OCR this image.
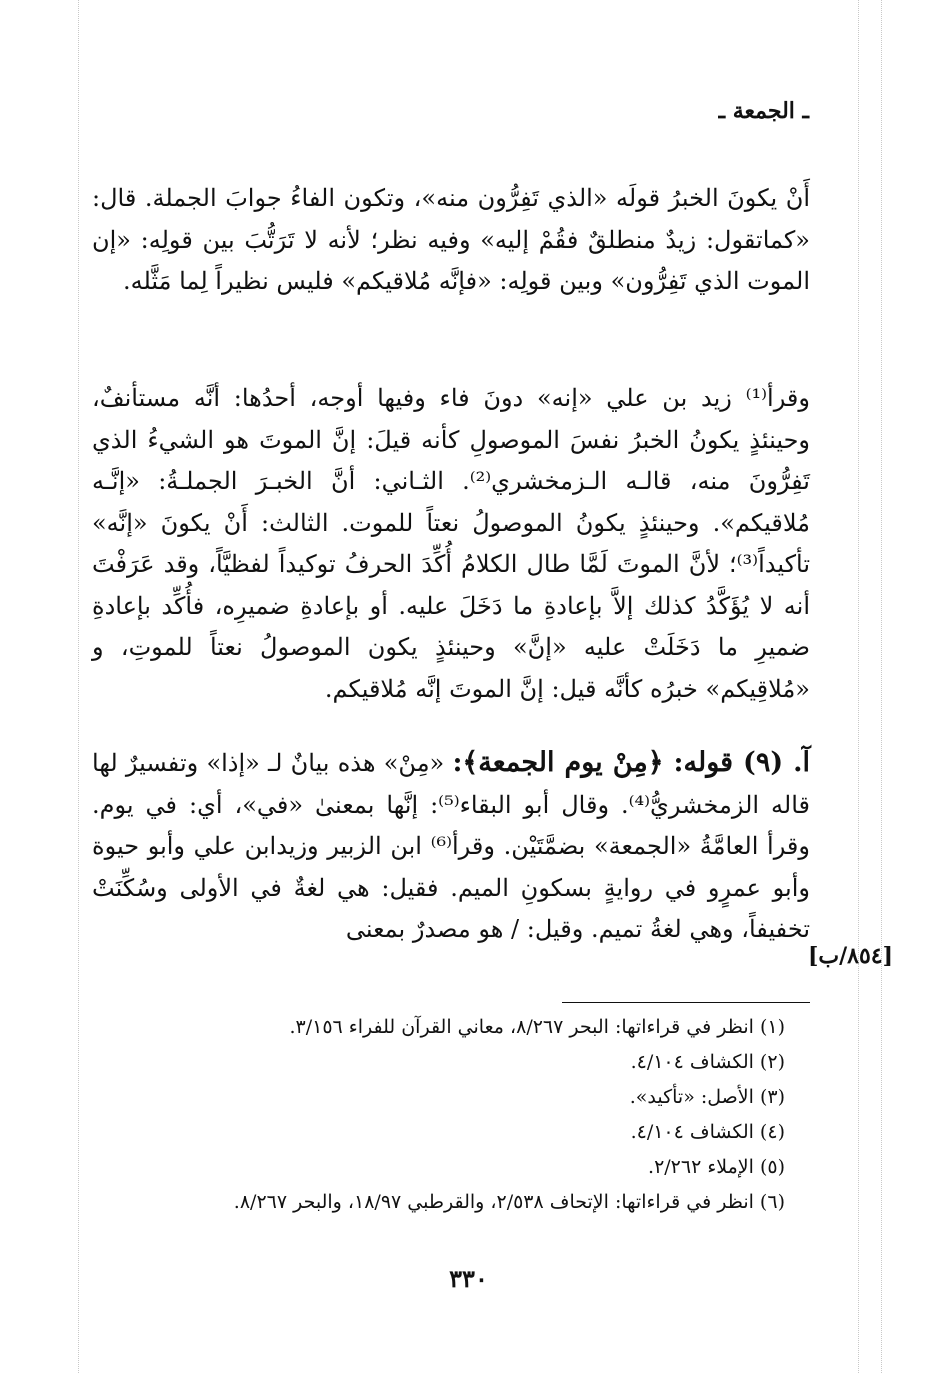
ـ الجمعة ـ

أَنْ يكونَ الخبرُ قولَه «الذي تَفِرُّون منه»، وتكون الفاءُ جوابَ الجملة. قال: «كماتقول: زيدٌ منطلقٌ فقُمْ إليه» وفيه نظر؛ لأنه لا تَرَتُّبَ بين قولِه: «إن الموت الذي تَفِرُّون» وبين قولِه: «فإنَّه مُلاقيكم» فليس نظيراً لِما مَثَّله.

وقرأ⁽¹⁾ زيد بن علي «إنه» دونَ فاء وفيها أوجه، أحدُها: أنَّه مستأنفٌ، وحينئذٍ يكونُ الخبرُ نفسَ الموصولِ كأنه قيلَ: إنَّ الموتَ هو الشيءُ الذي تَفِرُّونَ منه، قالـه الـزمخشري⁽²⁾. الثـاني: أنَّ الخبـرَ الجملـةُ: «إنَّـه مُلاقيكم». وحينئذٍ يكونُ الموصولُ نعتاً للموت. الثالث: أَنْ يكونَ «إنَّه» تأكيداً⁽³⁾؛ لأنَّ الموتَ لَمَّا طال الكلامُ أُكِّدَ الحرفُ توكيداً لفظيَّاً، وقد عَرَفْتَ أنه لا يُؤَكَّدُ كذلك إلاَّ بإعادةِ ما دَخَلَ عليه. أو بإعادةِ ضميرِه، فأُكِّد بإعادةِ ضميرِ ما دَخَلَتْ عليه «إنَّ» وحينئذٍ يكون الموصولُ نعتاً للموتِ، و «مُلاقِيكم» خبرُه كأنَّه قيل: إنَّ الموتَ إنَّه مُلاقيكم.

آ. (٩) قوله: ﴿مِنْ يوم الجمعة﴾: «مِنْ» هذه بيانٌ لـ «إذا» وتفسيرٌ لها قاله الزمخشريُّ⁽⁴⁾. وقال أبو البقاء⁽⁵⁾: إنَّها بمعنىٰ «في»، أي: في يوم. وقرأ العامَّةُ «الجمعة» بضمَّتَيْن. وقرأ⁽⁶⁾ ابن الزبير وزيدابن علي وأبو حيوة وأبو عمرٍو في روايةٍ بسكونِ الميم. فقيل: هي لغةٌ في الأولى وسُكِّنَتْ تخفيفاً، وهي لغةُ تميم. وقيل: / هو مصدرٌ بمعنى

[٨٥٤/ب]
(١) انظر في قراءاتها: البحر ٨/٢٦٧، معاني القرآن للفراء ٣/١٥٦.
(٢) الكشاف ٤/١٠٤.
(٣) الأصل: «تأكيد».
(٤) الكشاف ٤/١٠٤.
(٥) الإملاء ٢/٢٦٢.
(٦) انظر في قراءاتها: الإتحاف ٢/٥٣٨، والقرطبي ١٨/٩٧، والبحر ٨/٢٦٧.
٣٣٠
